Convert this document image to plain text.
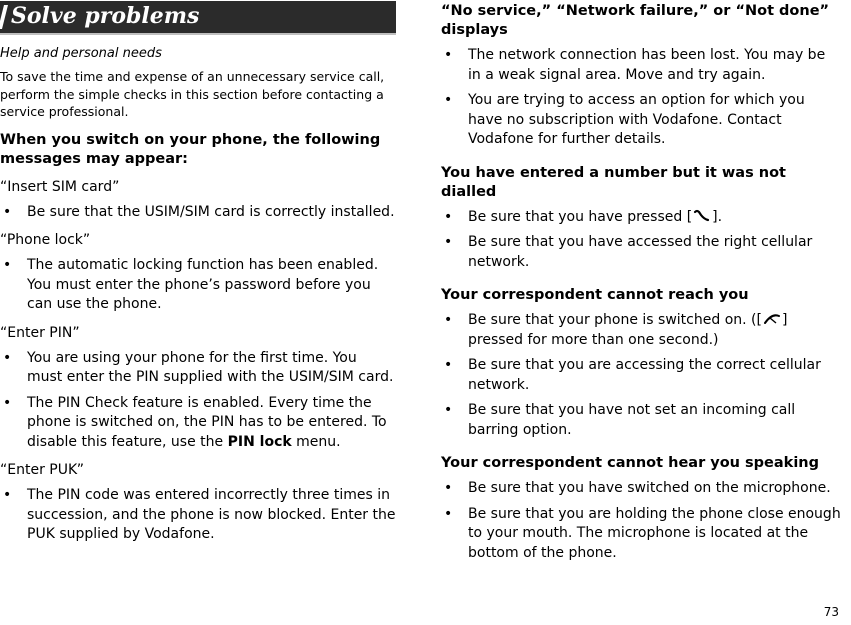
Solve problems

Help and personal needs

To save the time and expense of an unnecessary service call, perform the simple checks in this section before contacting a service professional.

When you switch on your phone, the following messages may appear:

“Insert SIM card”

• Be sure that the USIM/SIM card is correctly installed.

“Phone lock”

• The automatic locking function has been enabled. You must enter the phone’s password before you can use the phone.

“Enter PIN”

• You are using your phone for the first time. You must enter the PIN supplied with the USIM/SIM card.
• The PIN Check feature is enabled. Every time the phone is switched on, the PIN has to be entered. To disable this feature, use the PIN lock menu.

“Enter PUK”

• The PIN code was entered incorrectly three times in succession, and the phone is now blocked. Enter the PUK supplied by Vodafone.
“No service,” “Network failure,” or “Not done” displays
• The network connection has been lost. You may be in a weak signal area. Move and try again.
• You are trying to access an option for which you have no subscription with Vodafone. Contact Vodafone for further details.
You have entered a number but it was not dialled
• Be sure that you have pressed [ ].
• Be sure that you have accessed the right cellular network.
Your correspondent cannot reach you
• Be sure that your phone is switched on. ([ ] pressed for more than one second.)
• Be sure that you are accessing the correct cellular network.
• Be sure that you have not set an incoming call barring option.
Your correspondent cannot hear you speaking
• Be sure that you have switched on the microphone.
• Be sure that you are holding the phone close enough to your mouth. The microphone is located at the bottom of the phone.
73
